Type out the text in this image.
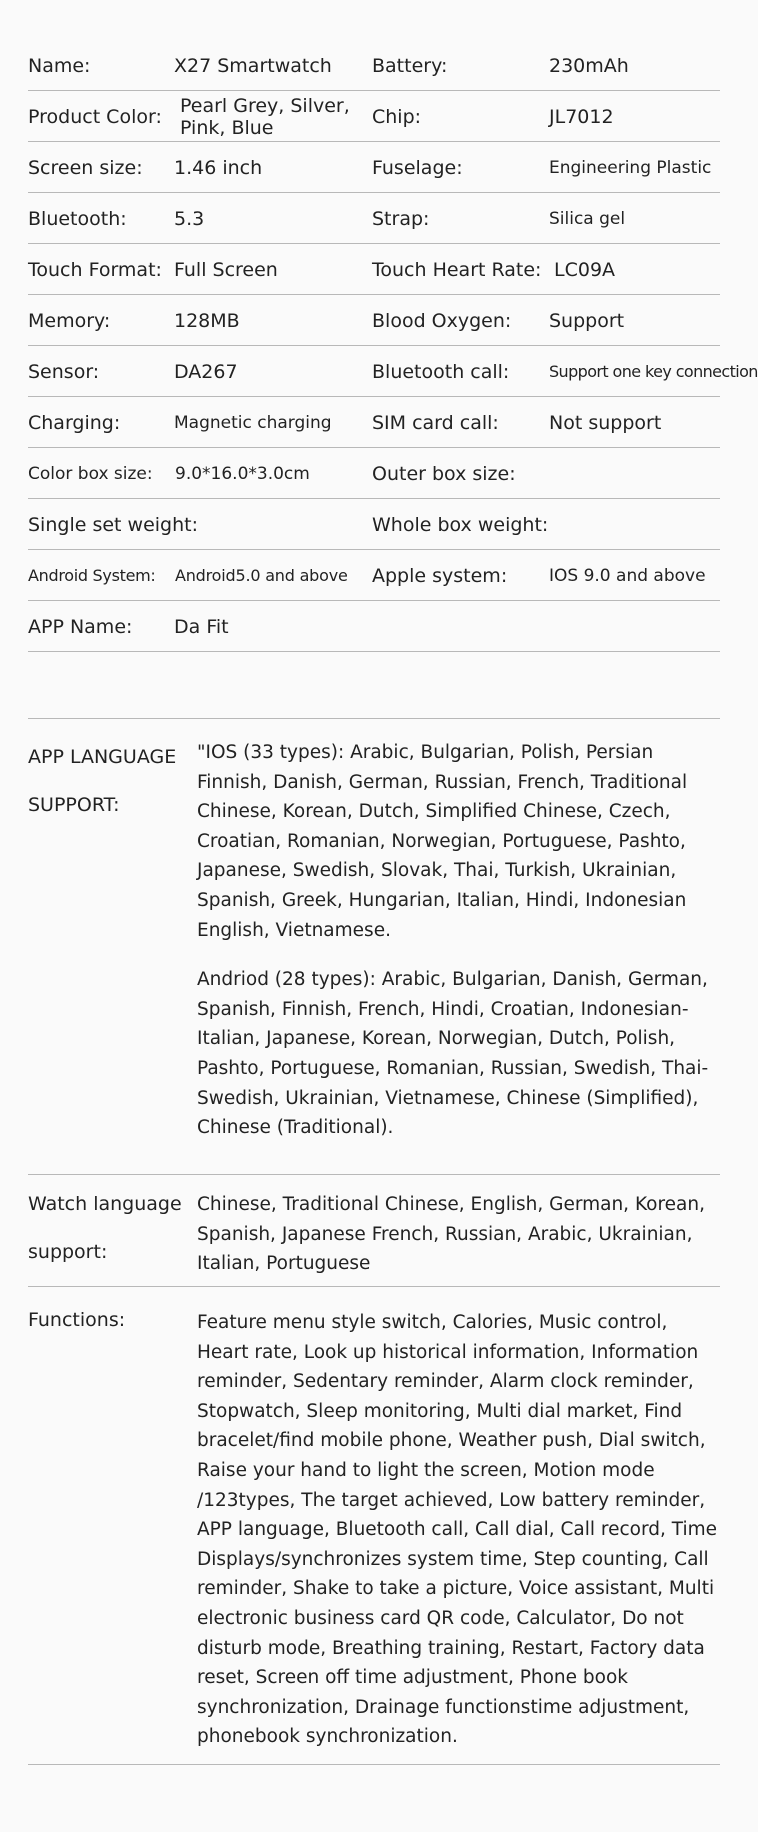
Name:	X27 Smartwatch	Battery:	230mAh
Product Color: Pearl Grey, Silver, Pink, Blue	Chip:	JL7012
Screen size:	1.46 inch	Fuselage:	Engineering Plastic
Bluetooth:	5.3	Strap:	Silica gel
Touch Format: Full Screen	Touch Heart Rate: LC09A
Memory:	128MB	Blood Oxygen:	Support
Sensor:	DA267	Bluetooth call:	Support one key connection
Charging:	Magnetic charging	SIM card call:	Not support
Color box size:	9.0*16.0*3.0cm	Outer box size:
Single set weight:	Whole box weight:
Android System:	Android5.0 and above	Apple system:	IOS 9.0 and above
APP Name:	Da Fit
APP LANGUAGE
SUPPORT:

"IOS (33 types): Arabic, Bulgarian, Polish, Persian Finnish, Danish, German, Russian, French, Traditional Chinese, Korean, Dutch, Simplified Chinese, Czech, Croatian, Romanian, Norwegian, Portuguese, Pashto, Japanese, Swedish, Slovak, Thai, Turkish, Ukrainian, Spanish, Greek, Hungarian, Italian, Hindi, Indonesian English, Vietnamese.

Andriod (28 types): Arabic, Bulgarian, Danish, German, Spanish, Finnish, French, Hindi, Croatian, Indonesian-Italian, Japanese, Korean, Norwegian, Dutch, Polish, Pashto, Portuguese, Romanian, Russian, Swedish, Thai-Swedish, Ukrainian, Vietnamese, Chinese (Simplified), Chinese (Traditional).

Watch language
support:
Chinese, Traditional Chinese, English, German, Korean, Spanish, Japanese French, Russian, Arabic, Ukrainian, Italian, Portuguese
Functions:	Feature menu style switch, Calories, Music control, Heart rate, Look up historical information, Information reminder, Sedentary reminder, Alarm clock reminder, Stopwatch, Sleep monitoring, Multi dial market, Find bracelet/find mobile phone, Weather push, Dial switch, Raise your hand to light the screen, Motion mode /123types, The target achieved, Low battery reminder, APP language, Bluetooth call, Call dial, Call record, Time Displays/synchronizes system time, Step counting, Call reminder, Shake to take a picture, Voice assistant, Multi electronic business card QR code, Calculator, Do not disturb mode, Breathing training, Restart, Factory data reset, Screen off time adjustment, Phone book synchronization, Drainage functionstime adjustment, phonebook synchronization.
